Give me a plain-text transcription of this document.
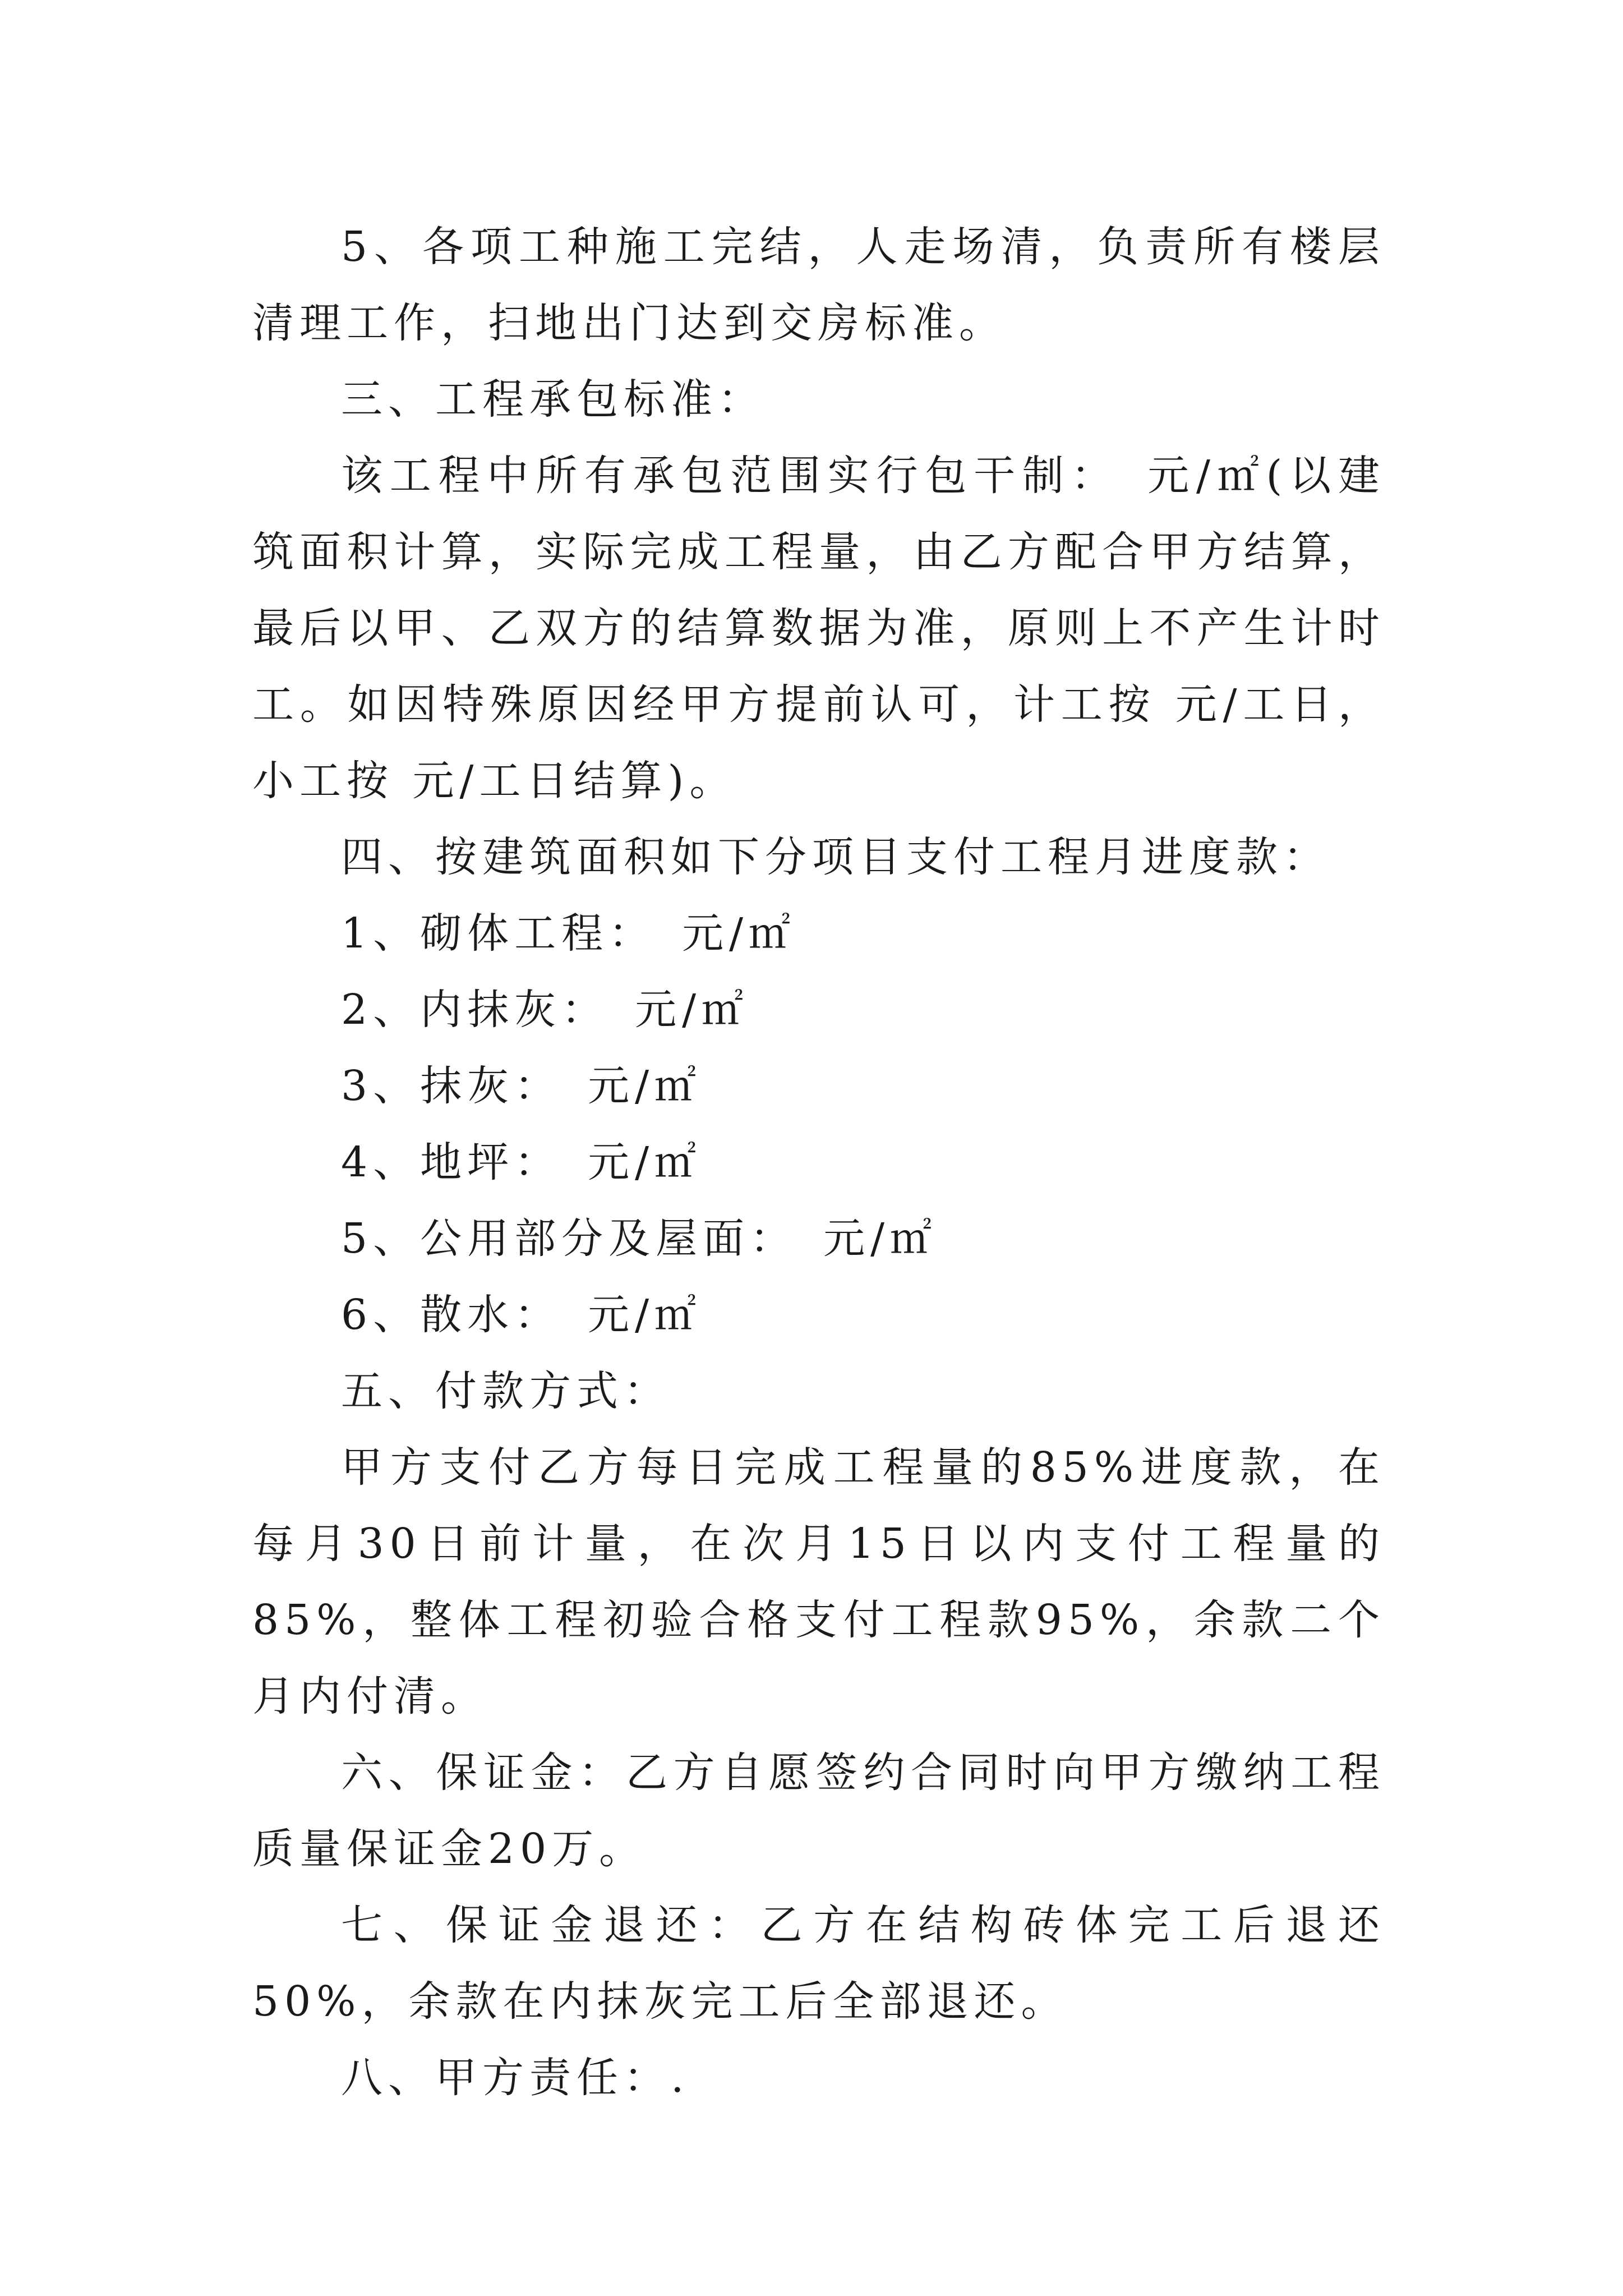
5、各项工种施工完结，人走场清，负责所有楼层清理工作，扫地出门达到交房标准。

三、工程承包标准：

该工程中所有承包范围实行包干制：　元/㎡(以建筑面积计算，实际完成工程量，由乙方配合甲方结算，最后以甲、乙双方的结算数据为准，原则上不产生计时工。如因特殊原因经甲方提前认可，计工按 元/工日，小工按 元/工日结算)。

四、按建筑面积如下分项目支付工程月进度款：

1、砌体工程：　元/㎡

2、内抹灰：　元/㎡

3、抹灰：　元/㎡

4、地坪：　元/㎡

5、公用部分及屋面：　元/㎡

6、散水：　元/㎡

五、付款方式：

甲方支付乙方每日完成工程量的85%进度款，在每月30日前计量，在次月15日以内支付工程量的85%，整体工程初验合格支付工程款95%，余款二个月内付清。

六、保证金：乙方自愿签约合同时向甲方缴纳工程质量保证金20万。

七、保证金退还：乙方在结构砖体完工后退还50%，余款在内抹灰完工后全部退还。

八、甲方责任：.
